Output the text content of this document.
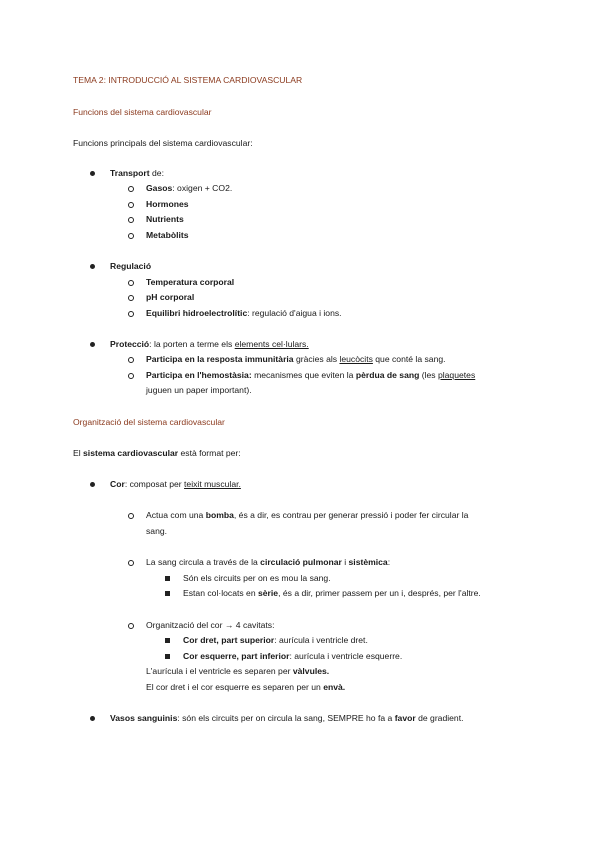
TEMA 2: INTRODUCCIÓ AL SISTEMA CARDIOVASCULAR
Funcions del sistema cardiovascular
Funcions principals del sistema cardiovascular:
Transport de:
Gasos: oxigen + CO2.
Hormones
Nutrients
Metabòlits
Regulació
Temperatura corporal
pH corporal
Equilibri hidroelectrolític: regulació d'aigua i ions.
Protecció: la porten a terme els elements cel·lulars.
Participa en la resposta immunitària gràcies als leucòcits que conté la sang.
Participa en l'hemostàsia: mecanismes que eviten la pèrdua de sang (les plaquetes
juguen un paper important).
Organització del sistema cardiovascular
El sistema cardiovascular està format per:
Cor: composat per teixit muscular.
Actua com una bomba, és a dir, es contrau per generar pressió i poder fer circular la
sang.
La sang circula a través de la circulació pulmonar i sistèmica:
Són els circuits per on es mou la sang.
Estan col·locats en sèrie, és a dir, primer passem per un i, després, per l'altre.
Organització del cor → 4 cavitats:
Cor dret, part superior: aurícula i ventricle dret.
Cor esquerre, part inferior: aurícula i ventricle esquerre.
L'aurícula i el ventricle es separen per vàlvules.
El cor dret i el cor esquerre es separen per un envà.
Vasos sanguinis: són els circuits per on circula la sang, SEMPRE ho fa a favor de gradient.
